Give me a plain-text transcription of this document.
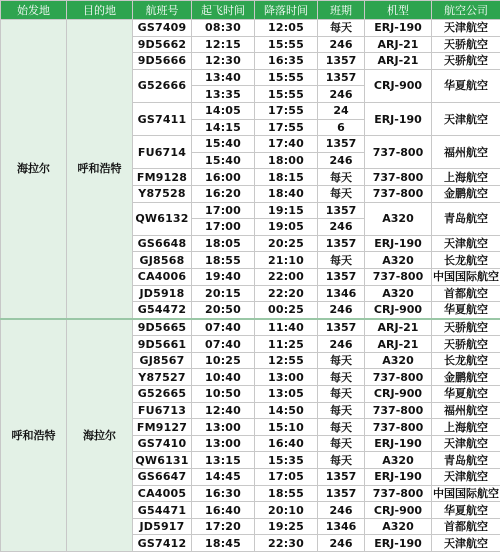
始发地	目的地	航班号	起飞时间	降落时间	班期	机型	航空公司
海拉尔	呼和浩特	GS7409	08:30	12:05	每天	ERJ-190	天津航空
		9D5662	12:15	15:55	246	ARJ-21	天骄航空
		9D5666	12:30	16:35	1357	ARJ-21	天骄航空
		G52666	13:40	15:55	1357	CRJ-900	华夏航空
			13:35	15:55	246		
		GS7411	14:05	17:55	24	ERJ-190	天津航空
			14:15	17:55	6		
		FU6714	15:40	17:40	1357	737-800	福州航空
			15:40	18:00	246		
		FM9128	16:00	18:15	每天	737-800	上海航空
		Y87528	16:20	18:40	每天	737-800	金鹏航空
		QW6132	17:00	19:15	1357	A320	青岛航空
			17:00	19:05	246		
		GS6648	18:05	20:25	1357	ERJ-190	天津航空
		GJ8568	18:55	21:10	每天	A320	长龙航空
		CA4006	19:40	22:00	1357	737-800	中国国际航空
		JD5918	20:15	22:20	1346	A320	首都航空
		G54472	20:50	00:25	246	CRJ-900	华夏航空
呼和浩特	海拉尔	9D5665	07:40	11:40	1357	ARJ-21	天骄航空
		9D5661	07:40	11:25	246	ARJ-21	天骄航空
		GJ8567	10:25	12:55	每天	A320	长龙航空
		Y87527	10:40	13:00	每天	737-800	金鹏航空
		G52665	10:50	13:05	每天	CRJ-900	华夏航空
		FU6713	12:40	14:50	每天	737-800	福州航空
		FM9127	13:00	15:10	每天	737-800	上海航空
		GS7410	13:00	16:40	每天	ERJ-190	天津航空
		QW6131	13:15	15:35	每天	A320	青岛航空
		GS6647	14:45	17:05	1357	ERJ-190	天津航空
		CA4005	16:30	18:55	1357	737-800	中国国际航空
		G54471	16:40	20:10	246	CRJ-900	华夏航空
		JD5917	17:20	19:25	1346	A320	首都航空
		GS7412	18:45	22:30	246	ERJ-190	天津航空
